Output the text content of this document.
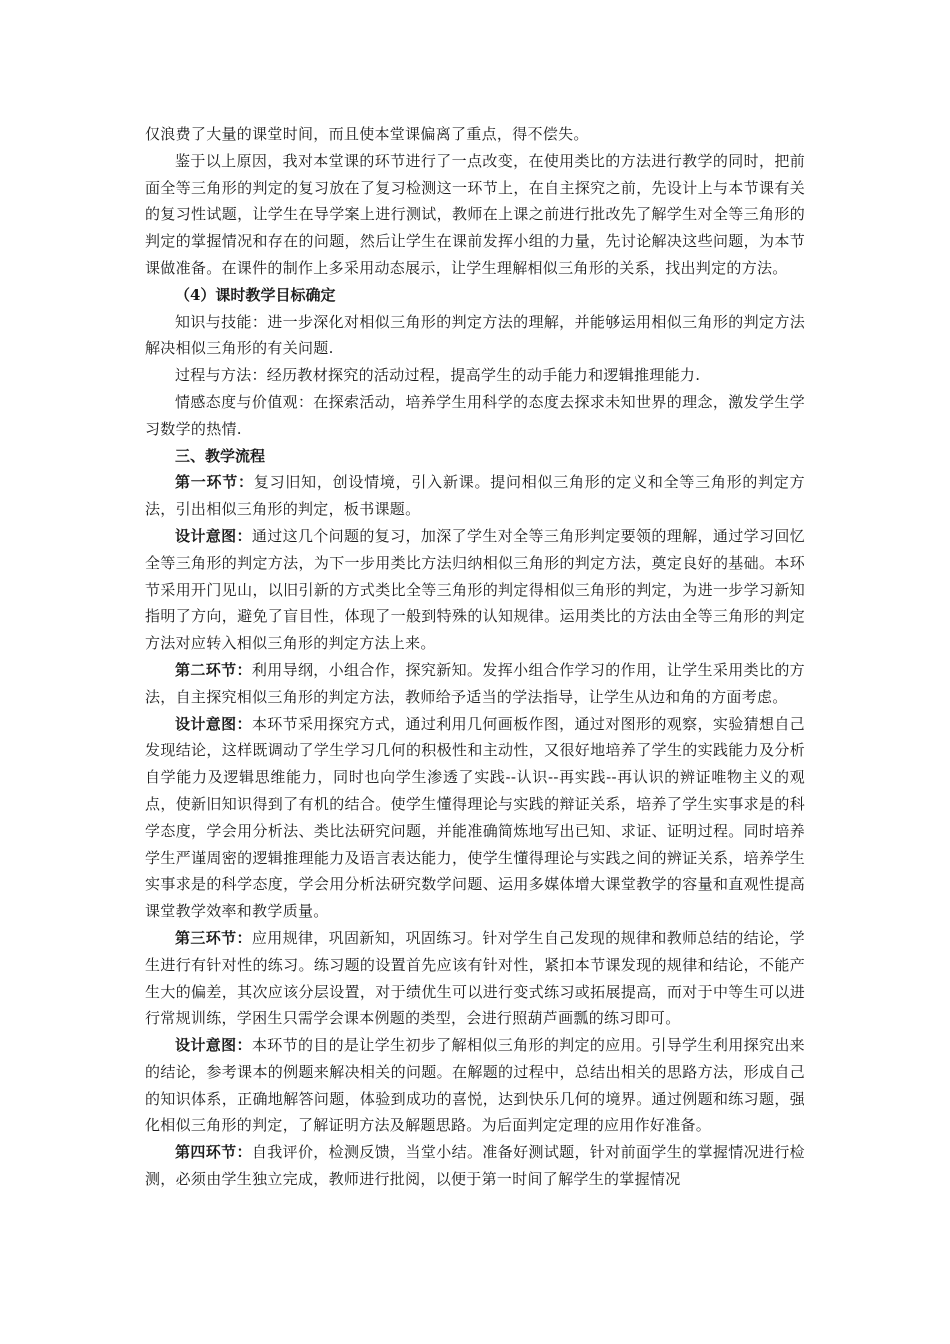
仅浪费了大量的课堂时间，而且使本堂课偏离了重点，得不偿失。

鉴于以上原因，我对本堂课的环节进行了一点改变，在使用类比的方法进行教学的同时，把前面全等三角形的判定的复习放在了复习检测这一环节上，在自主探究之前，先设计上与本节课有关的复习性试题，让学生在导学案上进行测试，教师在上课之前进行批改先了解学生对全等三角形的判定的掌握情况和存在的问题，然后让学生在课前发挥小组的力量，先讨论解决这些问题，为本节课做准备。在课件的制作上多采用动态展示，让学生理解相似三角形的关系，找出判定的方法。

（4）课时教学目标确定

知识与技能：进一步深化对相似三角形的判定方法的理解，并能够运用相似三角形的判定方法解决相似三角形的有关问题.

过程与方法：经历教材探究的活动过程，提高学生的动手能力和逻辑推理能力.

情感态度与价值观：在探索活动，培养学生用科学的态度去探求未知世界的理念，激发学生学习数学的热情.

三、教学流程

第一环节：复习旧知，创设情境，引入新课。提问相似三角形的定义和全等三角形的判定方法，引出相似三角形的判定，板书课题。

设计意图：通过这几个问题的复习，加深了学生对全等三角形判定要领的理解，通过学习回忆全等三角形的判定方法，为下一步用类比方法归纳相似三角形的判定方法，奠定良好的基础。本环节采用开门见山，以旧引新的方式类比全等三角形的判定得相似三角形的判定，为进一步学习新知指明了方向，避免了盲目性，体现了一般到特殊的认知规律。运用类比的方法由全等三角形的判定方法对应转入相似三角形的判定方法上来。

第二环节：利用导纲，小组合作，探究新知。发挥小组合作学习的作用，让学生采用类比的方法，自主探究相似三角形的判定方法，教师给予适当的学法指导，让学生从边和角的方面考虑。

设计意图：本环节采用探究方式，通过利用几何画板作图，通过对图形的观察，实验猜想自己发现结论，这样既调动了学生学习几何的积极性和主动性，又很好地培养了学生的实践能力及分析自学能力及逻辑思维能力，同时也向学生渗透了实践--认识--再实践--再认识的辨证唯物主义的观点，使新旧知识得到了有机的结合。使学生懂得理论与实践的辩证关系，培养了学生实事求是的科学态度，学会用分析法、类比法研究问题，并能准确简炼地写出已知、求证、证明过程。同时培养学生严谨周密的逻辑推理能力及语言表达能力，使学生懂得理论与实践之间的辨证关系，培养学生实事求是的科学态度，学会用分析法研究数学问题、运用多媒体增大课堂教学的容量和直观性提高课堂教学效率和教学质量。

第三环节：应用规律，巩固新知，巩固练习。针对学生自己发现的规律和教师总结的结论，学生进行有针对性的练习。练习题的设置首先应该有针对性，紧扣本节课发现的规律和结论，不能产生大的偏差，其次应该分层设置，对于绩优生可以进行变式练习或拓展提高，而对于中等生可以进行常规训练，学困生只需学会课本例题的类型，会进行照葫芦画瓢的练习即可。

设计意图：本环节的目的是让学生初步了解相似三角形的判定的应用。引导学生利用探究出来的结论，参考课本的例题来解决相关的问题。在解题的过程中，总结出相关的思路方法，形成自己的知识体系，正确地解答问题，体验到成功的喜悦，达到快乐几何的境界。通过例题和练习题，强化相似三角形的判定，了解证明方法及解题思路。为后面判定定理的应用作好准备。

第四环节：自我评价，检测反馈，当堂小结。准备好测试题，针对前面学生的掌握情况进行检测，必须由学生独立完成，教师进行批阅，以便于第一时间了解学生的掌握情况
